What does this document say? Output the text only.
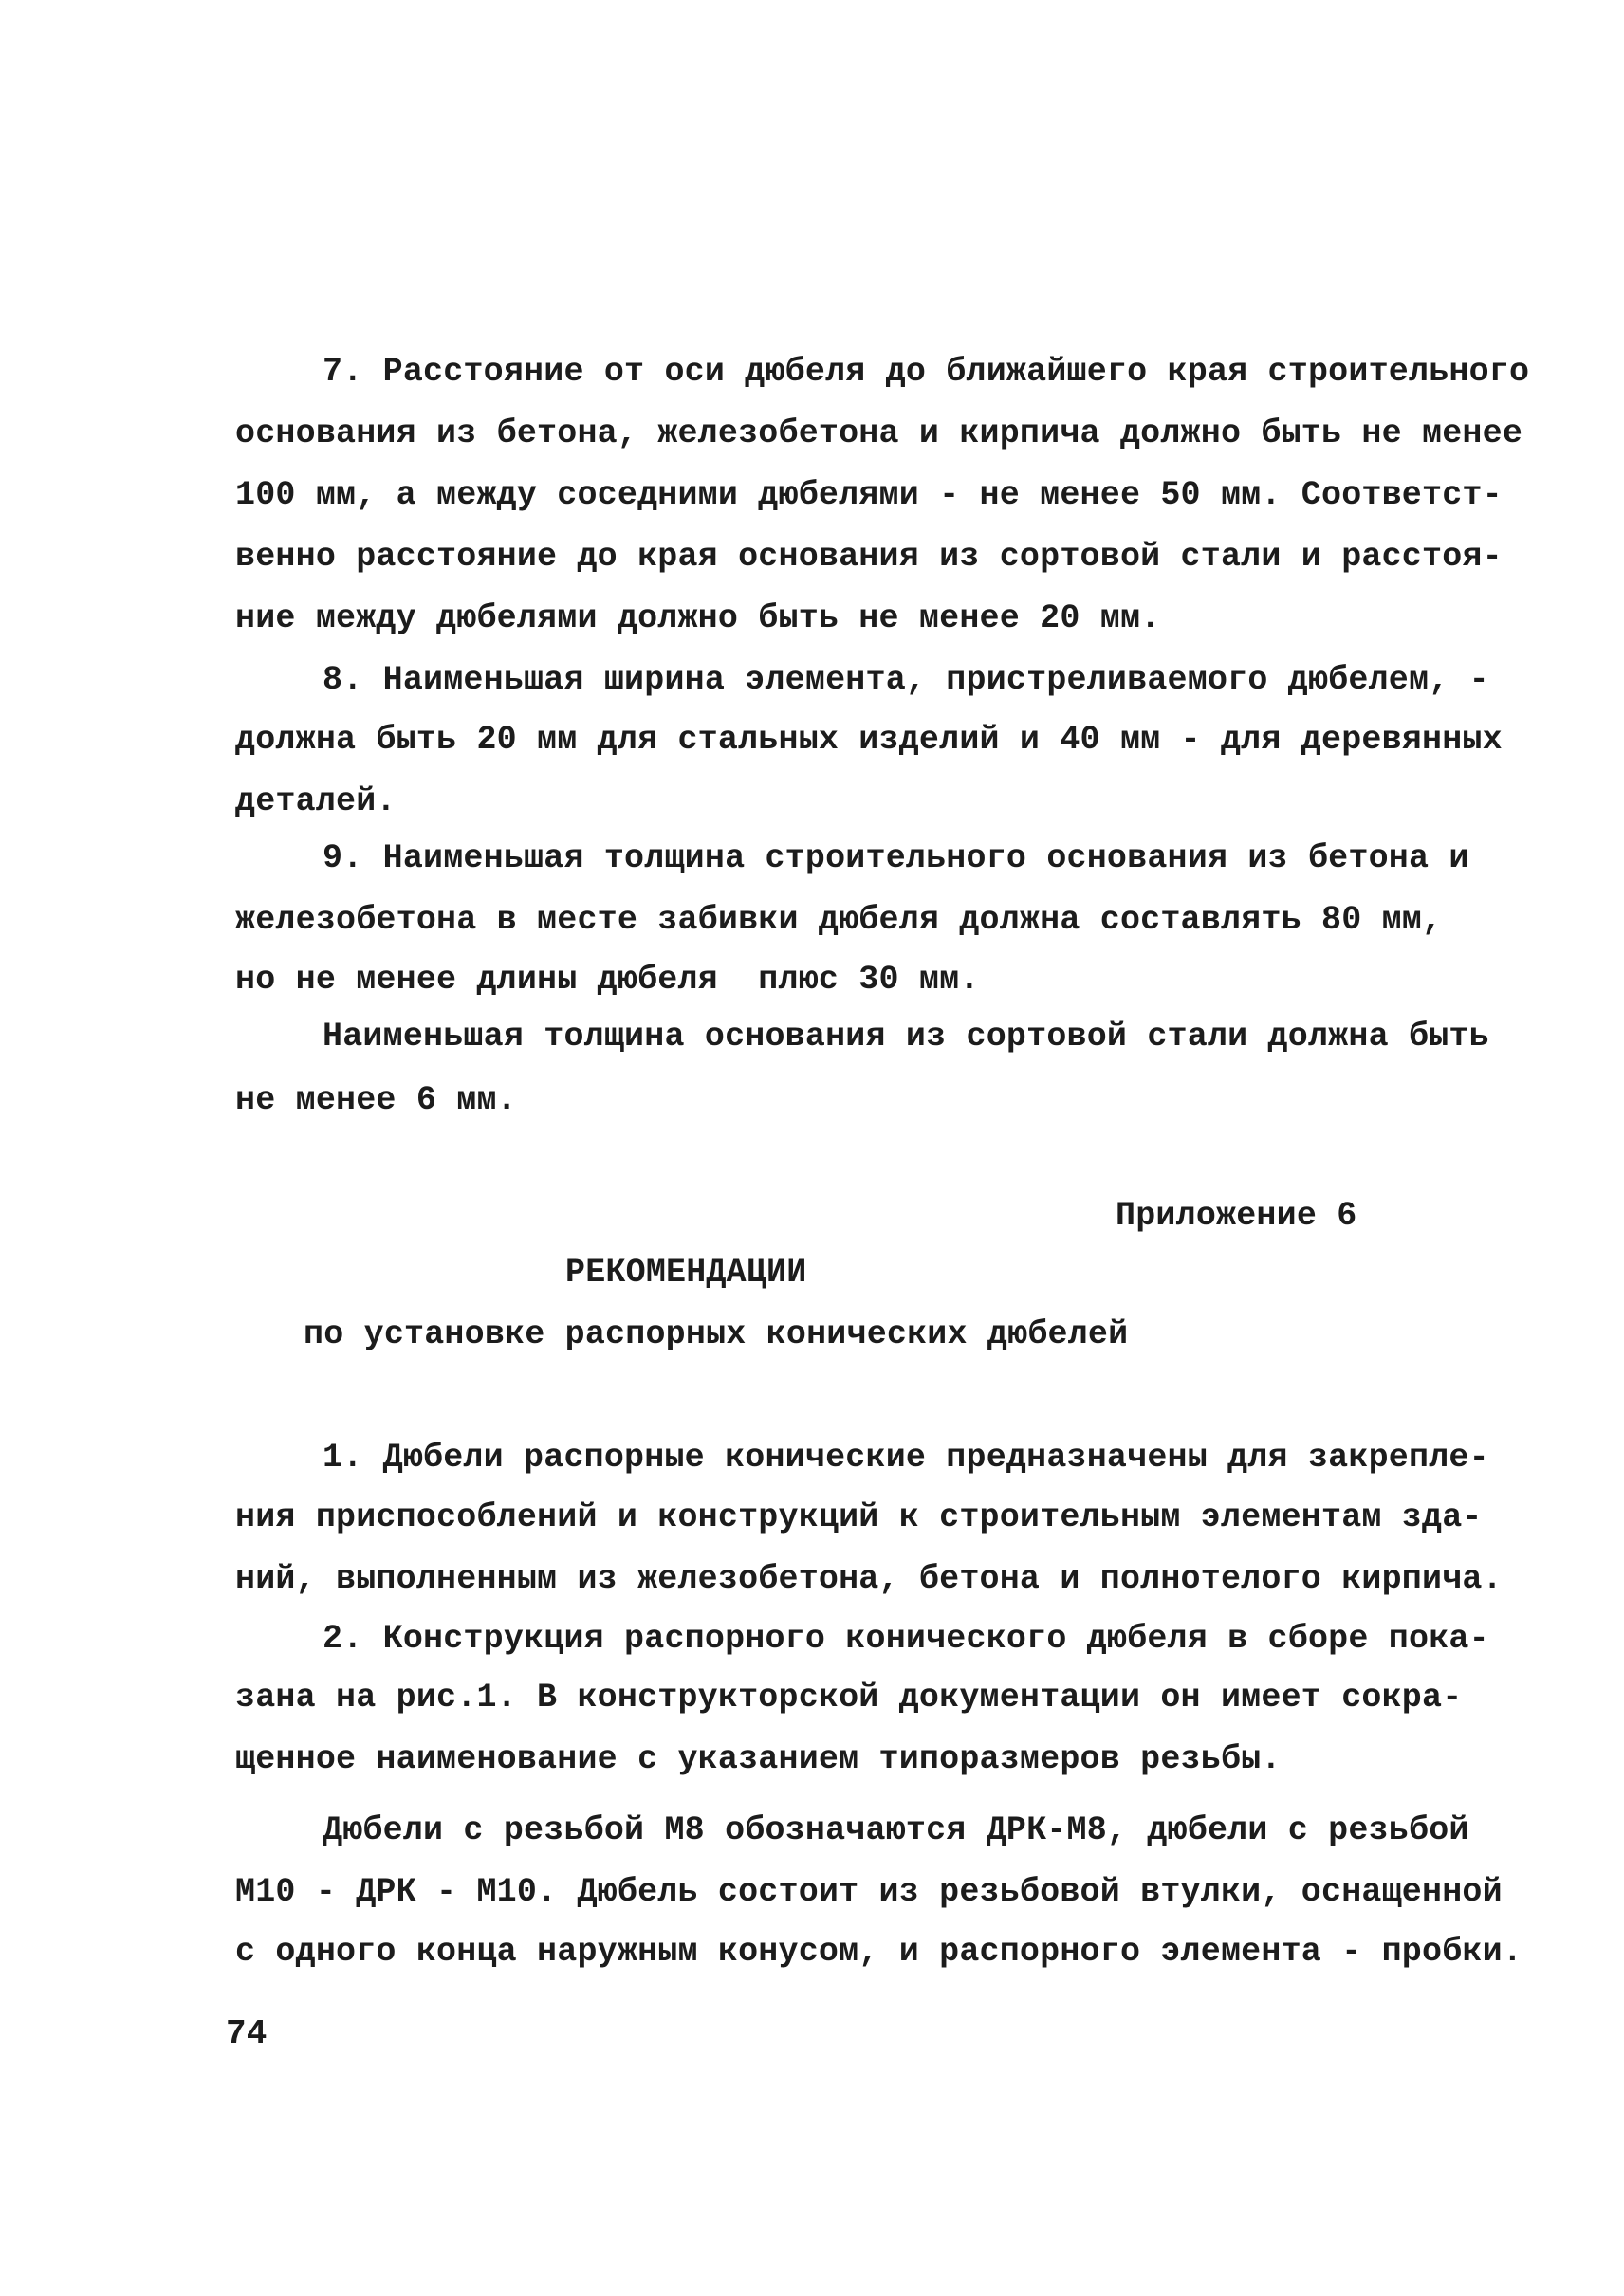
7. Расстояние от оси дюбеля до ближайшего края строительного
основания из бетона, железобетона и кирпича должно быть не менее
100 мм, а между соседними дюбелями - не менее 50 мм. Соответст-
венно расстояние до края основания из сортовой стали и расстоя-
ние между дюбелями должно быть не менее 20 мм.
8. Наименьшая ширина элемента, пристреливаемого дюбелем, -
должна быть 20 мм для стальных изделий и 40 мм - для деревянных
деталей.
9. Наименьшая толщина строительного основания из бетона и
железобетона в месте забивки дюбеля должна составлять 80 мм,
но не менее длины дюбеля  плюс 30 мм.
Наименьшая толщина основания из сортовой стали должна быть
не менее 6 мм.
Приложение 6
РЕКОМЕНДАЦИИ
по установке распорных конических дюбелей
1. Дюбели распорные конические предназначены для закрепле-
ния приспособлений и конструкций к строительным элементам зда-
ний, выполненным из железобетона, бетона и полнотелого кирпича.
2. Конструкция распорного конического дюбеля в сборе пока-
зана на рис.1. В конструкторской документации он имеет сокра-
щенное наименование с указанием типоразмеров резьбы.
Дюбели с резьбой М8 обозначаются ДРК-М8, дюбели с резьбой
М10 - ДРК - М10. Дюбель состоит из резьбовой втулки, оснащенной
с одного конца наружным конусом, и распорного элемента - пробки.
74
